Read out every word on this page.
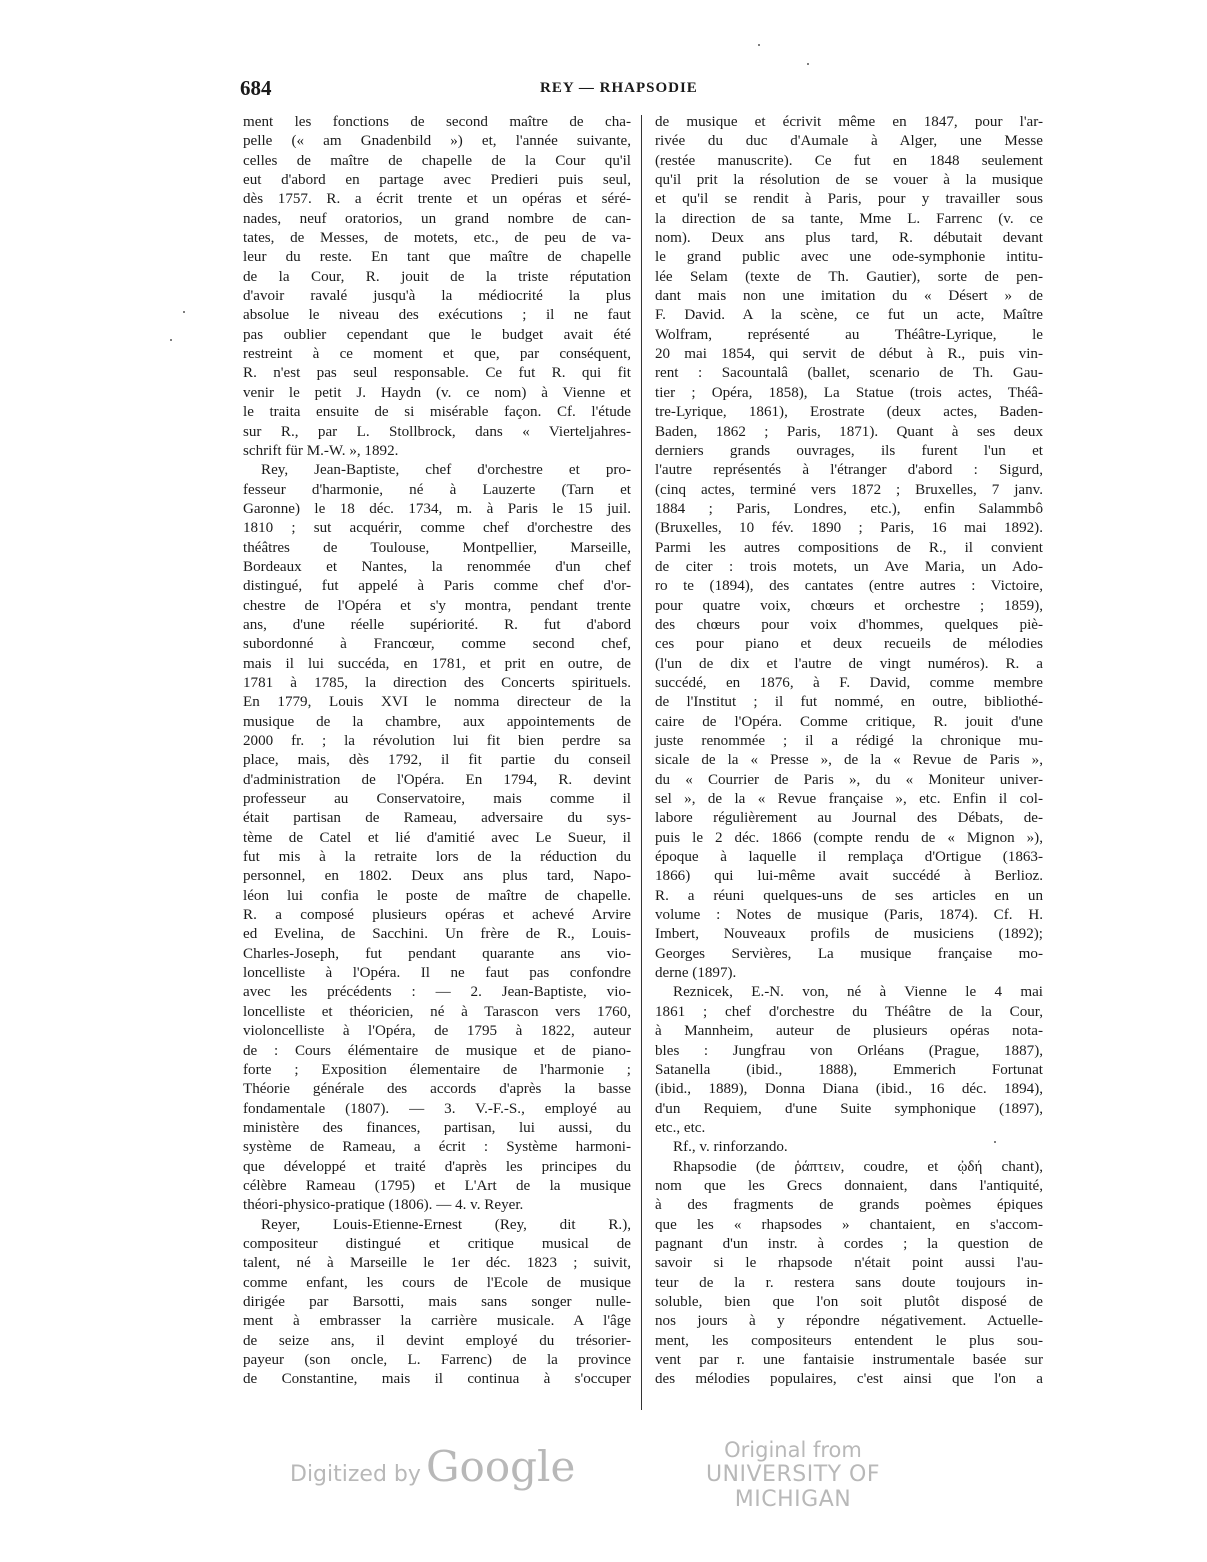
684	REY — RHAPSODIE
ment les fonctions de second maître de cha-
pelle (« am Gnadenbild ») et, l'année suivante,
celles de maître de chapelle de la Cour qu'il
eut d'abord en partage avec Predieri puis seul,
dès 1757. R. a écrit trente et un opéras et séré-
nades, neuf oratorios, un grand nombre de can-
tates, de Messes, de motets, etc., de peu de va-
leur du reste. En tant que maître de chapelle
de la Cour, R. jouit de la triste réputation
d'avoir ravalé jusqu'à la médiocrité la plus
absolue le niveau des exécutions ; il ne faut
pas oublier cependant que le budget avait été
restreint à ce moment et que, par conséquent,
R. n'est pas seul responsable. Ce fut R. qui fit
venir le petit J. Haydn (v. ce nom) à Vienne et
le traita ensuite de si misérable façon. Cf. l'étude
sur R., par L. Stollbrock, dans « Vierteljahres-
schrift für M.-W. », 1892.
Rey, Jean-Baptiste, chef d'orchestre et pro-
fesseur d'harmonie, né à Lauzerte (Tarn et
Garonne) le 18 déc. 1734, m. à Paris le 15 juil.
1810 ; sut acquérir, comme chef d'orchestre des
théâtres de Toulouse, Montpellier, Marseille,
Bordeaux et Nantes, la renommée d'un chef
distingué, fut appelé à Paris comme chef d'or-
chestre de l'Opéra et s'y montra, pendant trente
ans, d'une réelle supériorité. R. fut d'abord
subordonné à Francœur, comme second chef,
mais il lui succéda, en 1781, et prit en outre, de
1781 à 1785, la direction des Concerts spirituels.
En 1779, Louis XVI le nomma directeur de la
musique de la chambre, aux appointements de
2000 fr. ; la révolution lui fit bien perdre sa
place, mais, dès 1792, il fit partie du conseil
d'administration de l'Opéra. En 1794, R. devint
professeur au Conservatoire, mais comme il
était partisan de Rameau, adversaire du sys-
tème de Catel et lié d'amitié avec Le Sueur, il
fut mis à la retraite lors de la réduction du
personnel, en 1802. Deux ans plus tard, Napo-
léon lui confia le poste de maître de chapelle.
R. a composé plusieurs opéras et achevé Arvire
ed Evelina, de Sacchini. Un frère de R., Louis-
Charles-Joseph, fut pendant quarante ans vio-
loncelliste à l'Opéra. Il ne faut pas confondre
avec les précédents : — 2. Jean-Baptiste, vio-
loncelliste et théoricien, né à Tarascon vers 1760,
violoncelliste à l'Opéra, de 1795 à 1822, auteur
de : Cours élémentaire de musique et de piano-
forte ; Exposition élementaire de l'harmonie ;
Théorie générale des accords d'après la basse
fondamentale (1807). — 3. V.-F.-S., employé au
ministère des finances, partisan, lui aussi, du
système de Rameau, a écrit : Système harmoni-
que développé et traité d'après les principes du
célèbre Rameau (1795) et L'Art de la musique
théori-physico-pratique (1806). — 4. v. Reyer.
Reyer, Louis-Etienne-Ernest (Rey, dit R.),
compositeur distingué et critique musical de
talent, né à Marseille le 1er déc. 1823 ; suivit,
comme enfant, les cours de l'Ecole de musique
dirigée par Barsotti, mais sans songer nulle-
ment à embrasser la carrière musicale. A l'âge
de seize ans, il devint employé du trésorier-
payeur (son oncle, L. Farrenc) de la province
de Constantine, mais il continua à s'occuper
de musique et écrivit même en 1847, pour l'ar-
rivée du duc d'Aumale à Alger, une Messe
(restée manuscrite). Ce fut en 1848 seulement
qu'il prit la résolution de se vouer à la musique
et qu'il se rendit à Paris, pour y travailler sous
la direction de sa tante, Mme L. Farrenc (v. ce
nom). Deux ans plus tard, R. débutait devant
le grand public avec une ode-symphonie intitu-
lée Selam (texte de Th. Gautier), sorte de pen-
dant mais non une imitation du « Désert » de
F. David. A la scène, ce fut un acte, Maître
Wolfram, représenté au Théâtre-Lyrique, le
20 mai 1854, qui servit de début à R., puis vin-
rent : Sacountalâ (ballet, scenario de Th. Gau-
tier ; Opéra, 1858), La Statue (trois actes, Théâ-
tre-Lyrique, 1861), Erostrate (deux actes, Baden-
Baden, 1862 ; Paris, 1871). Quant à ses deux
derniers grands ouvrages, ils furent l'un et
l'autre représentés à l'étranger d'abord : Sigurd,
(cinq actes, terminé vers 1872 ; Bruxelles, 7 janv.
1884 ; Paris, Londres, etc.), enfin Salammbô
(Bruxelles, 10 fév. 1890 ; Paris, 16 mai 1892).
Parmi les autres compositions de R., il convient
de citer : trois motets, un Ave Maria, un Ado-
ro te (1894), des cantates (entre autres : Victoire,
pour quatre voix, chœurs et orchestre ; 1859),
des chœurs pour voix d'hommes, quelques piè-
ces pour piano et deux recueils de mélodies
(l'un de dix et l'autre de vingt numéros). R. a
succédé, en 1876, à F. David, comme membre
de l'Institut ; il fut nommé, en outre, bibliothé-
caire de l'Opéra. Comme critique, R. jouit d'une
juste renommée ; il a rédigé la chronique mu-
sicale de la « Presse », de la « Revue de Paris »,
du « Courrier de Paris », du « Moniteur univer-
sel », de la « Revue française », etc. Enfin il col-
labore régulièrement au Journal des Débats, de-
puis le 2 déc. 1866 (compte rendu de « Mignon »),
époque à laquelle il remplaça d'Ortigue (1863-
1866) qui lui-même avait succédé à Berlioz.
R. a réuni quelques-uns de ses articles en un
volume : Notes de musique (Paris, 1874). Cf. H.
Imbert, Nouveaux profils de musiciens (1892);
Georges Servières, La musique française mo-
derne (1897).
Reznicek, E.-N. von, né à Vienne le 4 mai
1861 ; chef d'orchestre du Théâtre de la Cour,
à Mannheim, auteur de plusieurs opéras nota-
bles : Jungfrau von Orléans (Prague, 1887),
Satanella (ibid., 1888), Emmerich Fortunat
(ibid., 1889), Donna Diana (ibid., 16 déc. 1894),
d'un Requiem, d'une Suite symphonique (1897),
etc., etc.
Rf., v. rinforzando.
Rhapsodie (de ῥάπτειν, coudre, et ᾠδή chant),
nom que les Grecs donnaient, dans l'antiquité,
à des fragments de grands poèmes épiques
que les « rhapsodes » chantaient, en s'accom-
pagnant d'un instr. à cordes ; la question de
savoir si le rhapsode n'était point aussi l'au-
teur de la r. restera sans doute toujours in-
soluble, bien que l'on soit plutôt disposé de
nos jours à y répondre négativement. Actuelle-
ment, les compositeurs entendent le plus sou-
vent par r. une fantaisie instrumentale basée sur
des mélodies populaires, c'est ainsi que l'on a
Digitized by Google	Original from
UNIVERSITY OF MICHIGAN
